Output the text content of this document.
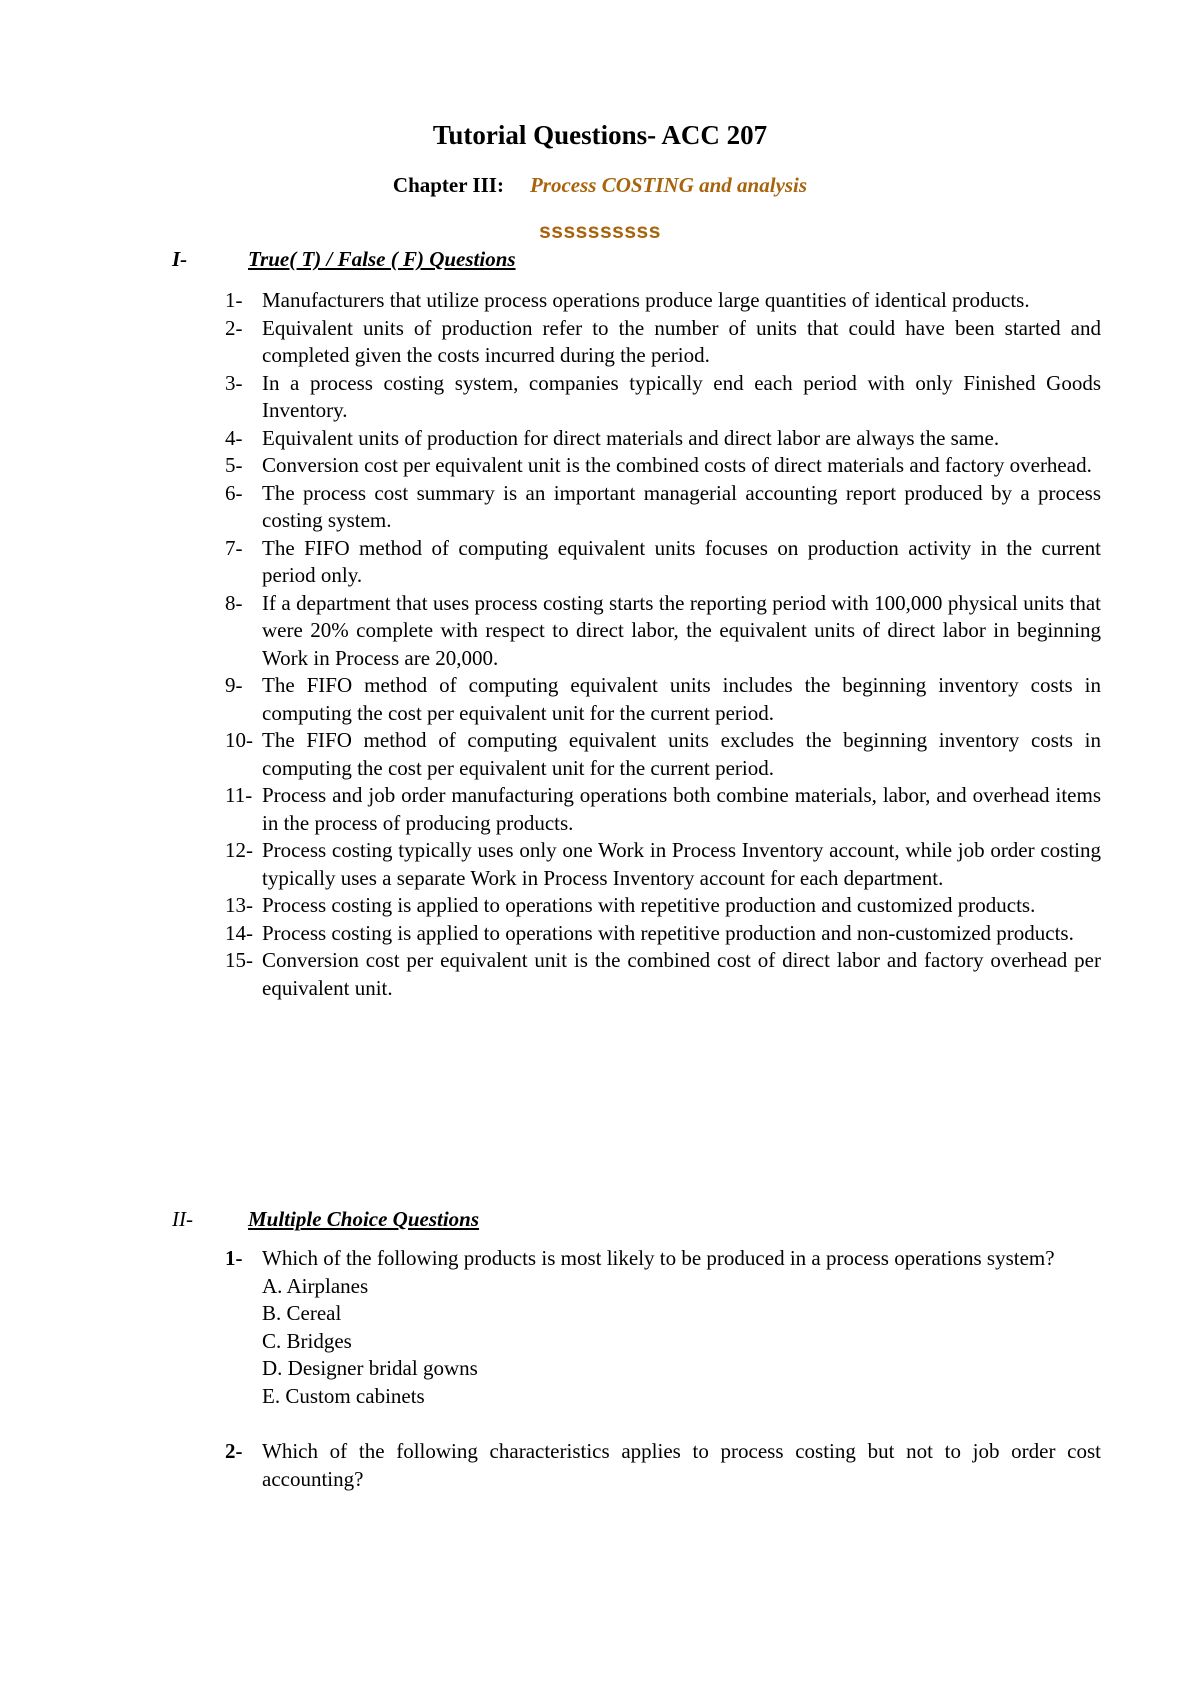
Tutorial Questions- ACC 207
Chapter III: Process COSTING and analysis
ssssssssss
I-	True( T) / False ( F) Questions
1- Manufacturers that utilize process operations produce large quantities of identical products.
2- Equivalent units of production refer to the number of units that could have been started and completed given the costs incurred during the period.
3- In a process costing system, companies typically end each period with only Finished Goods Inventory.
4- Equivalent units of production for direct materials and direct labor are always the same.
5- Conversion cost per equivalent unit is the combined costs of direct materials and factory overhead.
6- The process cost summary is an important managerial accounting report produced by a process costing system.
7- The FIFO method of computing equivalent units focuses on production activity in the current period only.
8- If a department that uses process costing starts the reporting period with 100,000 physical units that were 20% complete with respect to direct labor, the equivalent units of direct labor in beginning Work in Process are 20,000.
9- The FIFO method of computing equivalent units includes the beginning inventory costs in computing the cost per equivalent unit for the current period.
10- The FIFO method of computing equivalent units excludes the beginning inventory costs in computing the cost per equivalent unit for the current period.
11- Process and job order manufacturing operations both combine materials, labor, and overhead items in the process of producing products.
12- Process costing typically uses only one Work in Process Inventory account, while job order costing typically uses a separate Work in Process Inventory account for each department.
13- Process costing is applied to operations with repetitive production and customized products.
14- Process costing is applied to operations with repetitive production and non-customized products.
15- Conversion cost per equivalent unit is the combined cost of direct labor and factory overhead per equivalent unit.
II-	Multiple Choice Questions
1- Which of the following products is most likely to be produced in a process operations system?
A. Airplanes
B. Cereal
C. Bridges
D. Designer bridal gowns
E. Custom cabinets
2- Which of the following characteristics applies to process costing but not to job order cost accounting?
